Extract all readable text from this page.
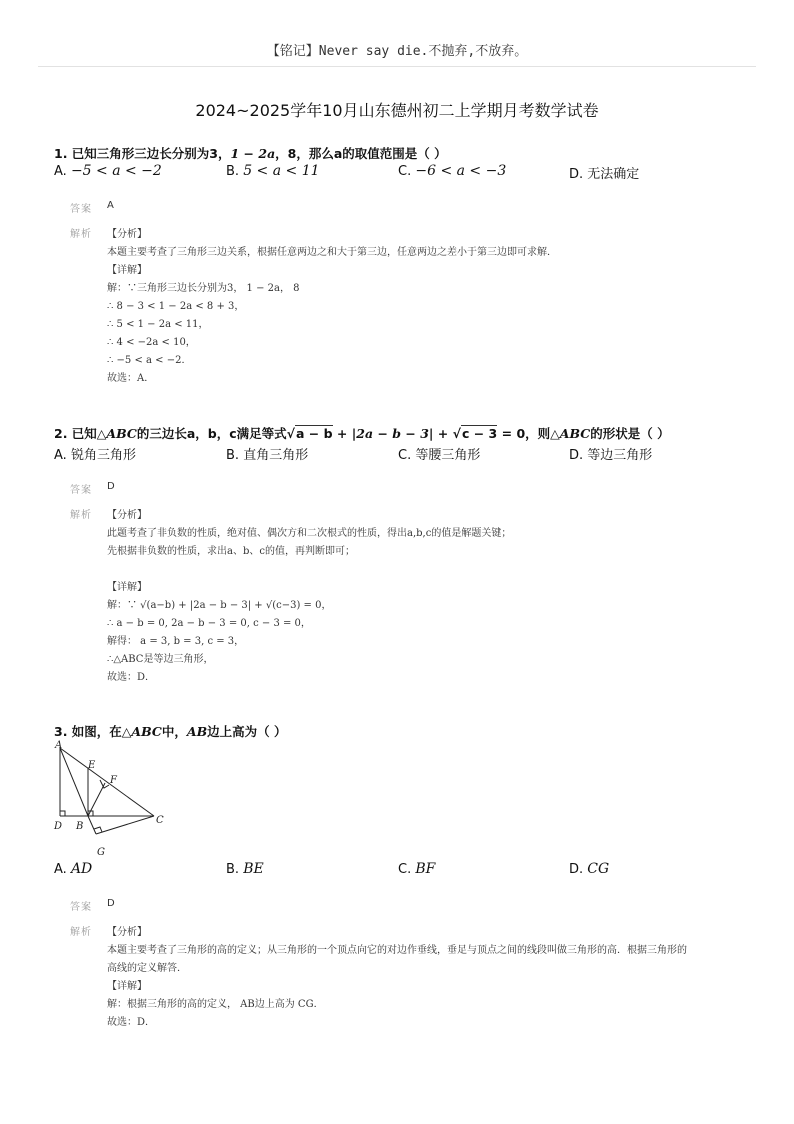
【铭记】Never say die.不抛弃,不放弃。
2024~2025学年10月山东德州初二上学期月考数学试卷
1. 已知三角形三边长分别为3，1 − 2a，8，那么a的取值范围是（ ）
A. −5 < a < −2	B. 5 < a < 11	C. −6 < a < −3	D. 无法确定
答案 A
解析 【分析】
本题主要考查了三角形三边关系，根据任意两边之和大于第三边，任意两边之差小于第三边即可求解．
【详解】
解：∵三角形三边长分别为3， 1 − 2a， 8
∴ 8 − 3 < 1 − 2a < 8 + 3，
∴ 5 < 1 − 2a < 11，
∴ 4 < −2a < 10，
∴ −5 < a < −2．
故选：A．
2. 已知△ABC的三边长a，b，c满足等式√a − b + |2a − b − 3| + √c − 3 = 0，则△ABC的形状是（ ）
A. 锐角三角形	B. 直角三角形	C. 等腰三角形	D. 等边三角形
答案 D
解析 【分析】
此题考查了非负数的性质，绝对值、偶次方和二次根式的性质，得出a,b,c的值是解题关键；
先根据非负数的性质，求出a、b、c的值，再判断即可；
【详解】
解：∵ √(a−b) + |2a − b − 3| + √(c−3) = 0，
∴ a − b = 0, 2a − b − 3 = 0, c − 3 = 0，
解得： a = 3, b = 3, c = 3，
∴△ABC是等边三角形，
故选：D．
3. 如图，在△ABC中，AB边上高为（ ）
A
E
F
D B
C
G
A. AD	B. BE	C. BF	D. CG
答案 D
解析 【分析】
本题主要考查了三角形的高的定义；从三角形的一个顶点向它的对边作垂线，垂足与顶点之间的线段叫做三角形的高．根据三角形的
高线的定义解答．
【详解】
解：根据三角形的高的定义， AB边上高为 CG．
故选：D．
